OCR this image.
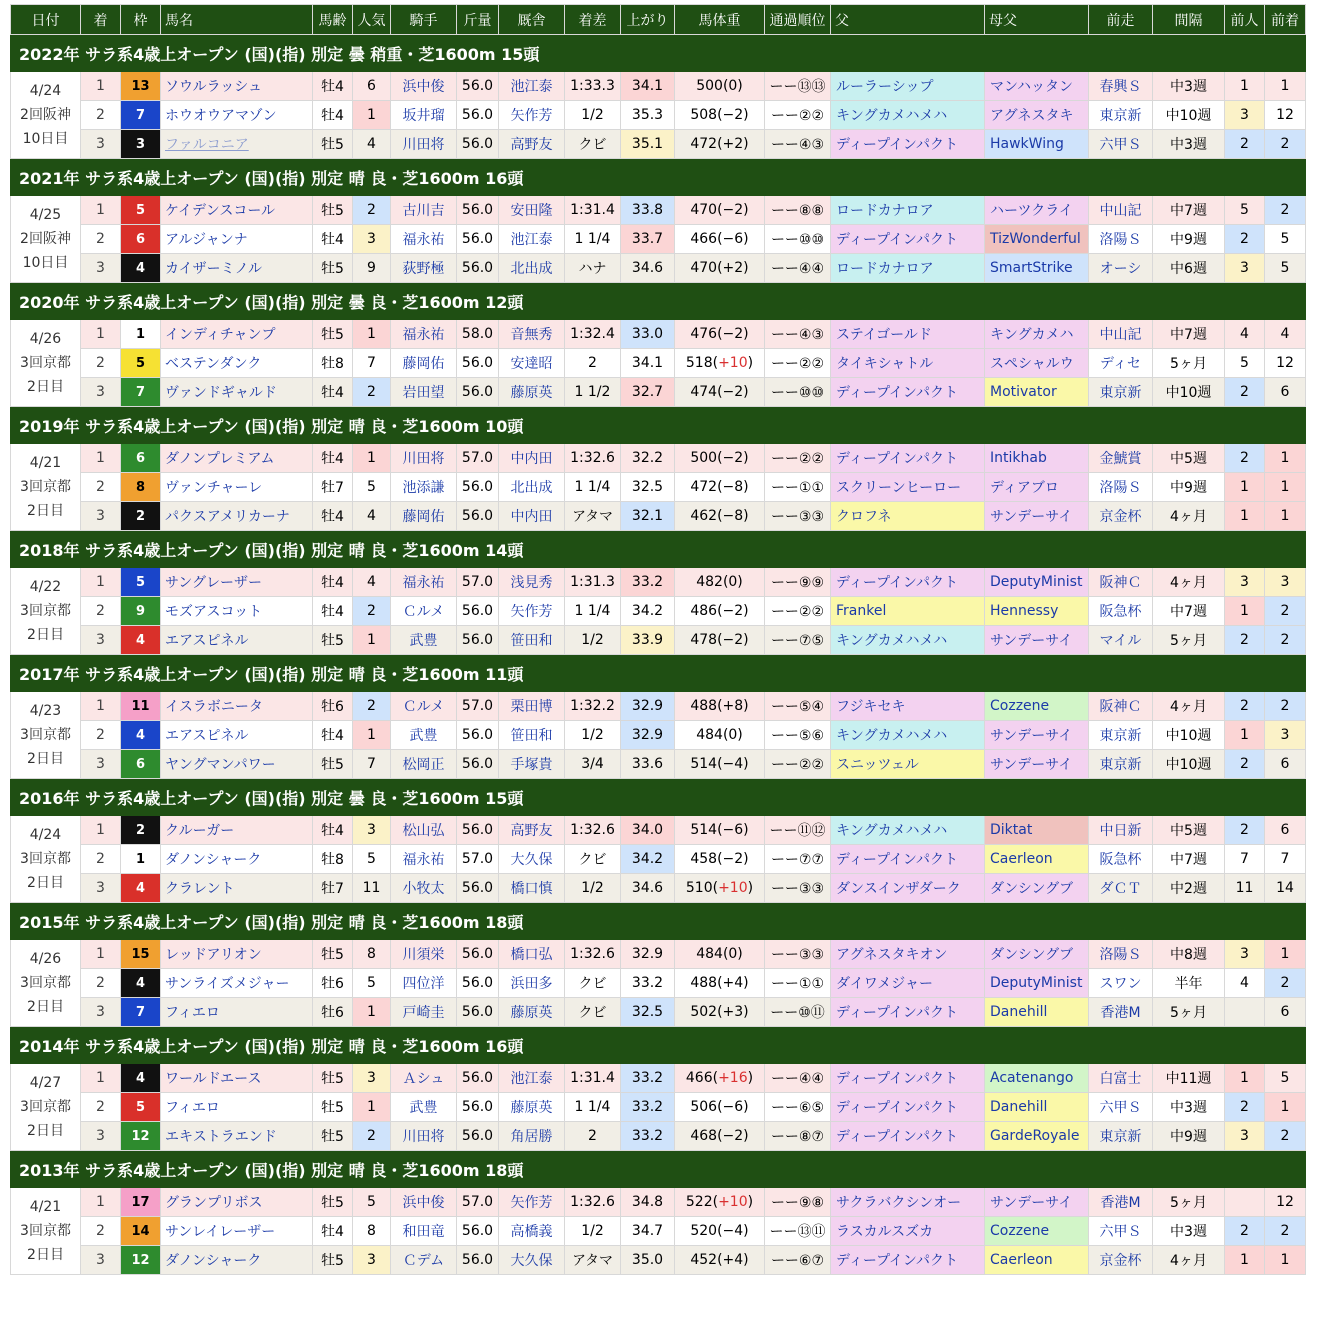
日付	着	枠	馬名	馬齢	人気	騎手	斤量	厩舎	着差	上がり	馬体重	通過順位	父	母父	前走	間隔	前人	前着
2022年 サラ系4歳上オープン (国)(指) 別定 曇 稍重・芝1600m 15頭																		

4/24
2回阪神
10日目	1	13	ソウルラッシュ	牡4	6	浜中俊	56.0	池江泰	1:33.3	34.1	500(0)	ーー⑬⑬	ルーラーシップ	マンハッタン	春興Ｓ	中3週	1	1
	2	7	ホウオウアマゾン	牡4	1	坂井瑠	56.0	矢作芳	1/2	35.3	508(−2)	ーー②②	キングカメハメハ	アグネスタキ	東京新	中10週	3	12
	3	3	ファルコニア	牡5	4	川田将	56.0	高野友	クビ	35.1	472(+2)	ーー④③	ディープインパクト	HawkWing	六甲Ｓ	中3週	2	2
2021年 サラ系4歳上オープン (国)(指) 別定 晴 良・芝1600m 16頭																		

4/25
2回阪神
10日目	1	5	ケイデンスコール	牡5	2	古川吉	56.0	安田隆	1:31.4	33.8	470(−2)	ーー⑧⑧	ロードカナロア	ハーツクライ	中山記	中7週	5	2
	2	6	アルジャンナ	牡4	3	福永祐	56.0	池江泰	1 1/4	33.7	466(−6)	ーー⑩⑩	ディープインパクト	TizWonderful	洛陽Ｓ	中9週	2	5
	3	4	カイザーミノル	牡5	9	荻野極	56.0	北出成	ハナ	34.6	470(+2)	ーー④④	ロードカナロア	SmartStrike	オーシ	中6週	3	5
2020年 サラ系4歳上オープン (国)(指) 別定 曇 良・芝1600m 12頭																		

4/26
3回京都
2日目	1	1	インディチャンプ	牡5	1	福永祐	58.0	音無秀	1:32.4	33.0	476(−2)	ーー④③	ステイゴールド	キングカメハ	中山記	中7週	4	4
	2	5	ベステンダンク	牡8	7	藤岡佑	56.0	安達昭	2	34.1	518(+10)	ーー②②	タイキシャトル	スペシャルウ	ディセ	5ヶ月	5	12
	3	7	ヴァンドギャルド	牡4	2	岩田望	56.0	藤原英	1 1/2	32.7	474(−2)	ーー⑩⑩	ディープインパクト	Motivator	東京新	中10週	2	6
2019年 サラ系4歳上オープン (国)(指) 別定 晴 良・芝1600m 10頭																		

4/21
3回京都
2日目	1	6	ダノンプレミアム	牡4	1	川田将	57.0	中内田	1:32.6	32.2	500(−2)	ーー②②	ディープインパクト	Intikhab	金鯱賞	中5週	2	1
	2	8	ヴァンチャーレ	牡7	5	池添謙	56.0	北出成	1 1/4	32.5	472(−8)	ーー①①	スクリーンヒーロー	ディアブロ	洛陽Ｓ	中9週	1	1
	3	2	パクスアメリカーナ	牡4	4	藤岡佑	56.0	中内田	アタマ	32.1	462(−8)	ーー③③	クロフネ	サンデーサイ	京金杯	4ヶ月	1	1
2018年 サラ系4歳上オープン (国)(指) 別定 晴 良・芝1600m 14頭																		

4/22
3回京都
2日目	1	5	サングレーザー	牡4	4	福永祐	57.0	浅見秀	1:31.3	33.2	482(0)	ーー⑨⑨	ディープインパクト	DeputyMinist	阪神Ｃ	4ヶ月	3	3
	2	9	モズアスコット	牡4	2	Ｃルメ	56.0	矢作芳	1 1/4	34.2	486(−2)	ーー②②	Frankel	Hennessy	阪急杯	中7週	1	2
	3	4	エアスピネル	牡5	1	武豊	56.0	笹田和	1/2	33.9	478(−2)	ーー⑦⑤	キングカメハメハ	サンデーサイ	マイル	5ヶ月	2	2
2017年 サラ系4歳上オープン (国)(指) 別定 晴 良・芝1600m 11頭																		

4/23
3回京都
2日目	1	11	イスラボニータ	牡6	2	Ｃルメ	57.0	栗田博	1:32.2	32.9	488(+8)	ーー⑤④	フジキセキ	Cozzene	阪神Ｃ	4ヶ月	2	2
	2	4	エアスピネル	牡4	1	武豊	56.0	笹田和	1/2	32.9	484(0)	ーー⑤⑥	キングカメハメハ	サンデーサイ	東京新	中10週	1	3
	3	6	ヤングマンパワー	牡5	7	松岡正	56.0	手塚貴	3/4	33.6	514(−4)	ーー②②	スニッツェル	サンデーサイ	東京新	中10週	2	6
2016年 サラ系4歳上オープン (国)(指) 別定 曇 良・芝1600m 15頭																		

4/24
3回京都
2日目	1	2	クルーガー	牡4	3	松山弘	56.0	高野友	1:32.6	34.0	514(−6)	ーー⑪⑫	キングカメハメハ	Diktat	中日新	中5週	2	6
	2	1	ダノンシャーク	牡8	5	福永祐	57.0	大久保	クビ	34.2	458(−2)	ーー⑦⑦	ディープインパクト	Caerleon	阪急杯	中7週	7	7
	3	4	クラレント	牡7	11	小牧太	56.0	橋口慎	1/2	34.6	510(+10)	ーー③③	ダンスインザダーク	ダンシングブ	ダＣＴ	中2週	11	14
2015年 サラ系4歳上オープン (国)(指) 別定 晴 良・芝1600m 18頭																		

4/26
3回京都
2日目	1	15	レッドアリオン	牡5	8	川須栄	56.0	橋口弘	1:32.6	32.9	484(0)	ーー③③	アグネスタキオン	ダンシングブ	洛陽Ｓ	中8週	3	1
	2	4	サンライズメジャー	牡6	5	四位洋	56.0	浜田多	クビ	33.2	488(+4)	ーー①①	ダイワメジャー	DeputyMinist	スワン	半年	4	2
	3	7	フィエロ	牡6	1	戸崎圭	56.0	藤原英	クビ	32.5	502(+3)	ーー⑩⑪	ディープインパクト	Danehill	香港M	5ヶ月		6
2014年 サラ系4歳上オープン (国)(指) 別定 晴 良・芝1600m 16頭																		

4/27
3回京都
2日目	1	4	ワールドエース	牡5	3	Ａシュ	56.0	池江泰	1:31.4	33.2	466(+16)	ーー④④	ディープインパクト	Acatenango	白富士	中11週	1	5
	2	5	フィエロ	牡5	1	武豊	56.0	藤原英	1 1/4	33.2	506(−6)	ーー⑥⑤	ディープインパクト	Danehill	六甲Ｓ	中3週	2	1
	3	12	エキストラエンド	牡5	2	川田将	56.0	角居勝	2	33.2	468(−2)	ーー⑧⑦	ディープインパクト	GardeRoyale	東京新	中9週	3	2
2013年 サラ系4歳上オープン (国)(指) 別定 晴 良・芝1600m 18頭																		

4/21
3回京都
2日目	1	17	グランプリボス	牡5	5	浜中俊	57.0	矢作芳	1:32.6	34.8	522(+10)	ーー⑨⑧	サクラバクシンオー	サンデーサイ	香港M	5ヶ月		12
	2	14	サンレイレーザー	牡4	8	和田竜	56.0	高橋義	1/2	34.7	520(−4)	ーー⑬⑪	ラスカルスズカ	Cozzene	六甲Ｓ	中3週	2	2
	3	12	ダノンシャーク	牡5	3	Ｃデム	56.0	大久保	アタマ	35.0	452(+4)	ーー⑥⑦	ディープインパクト	Caerleon	京金杯	4ヶ月	1	1
